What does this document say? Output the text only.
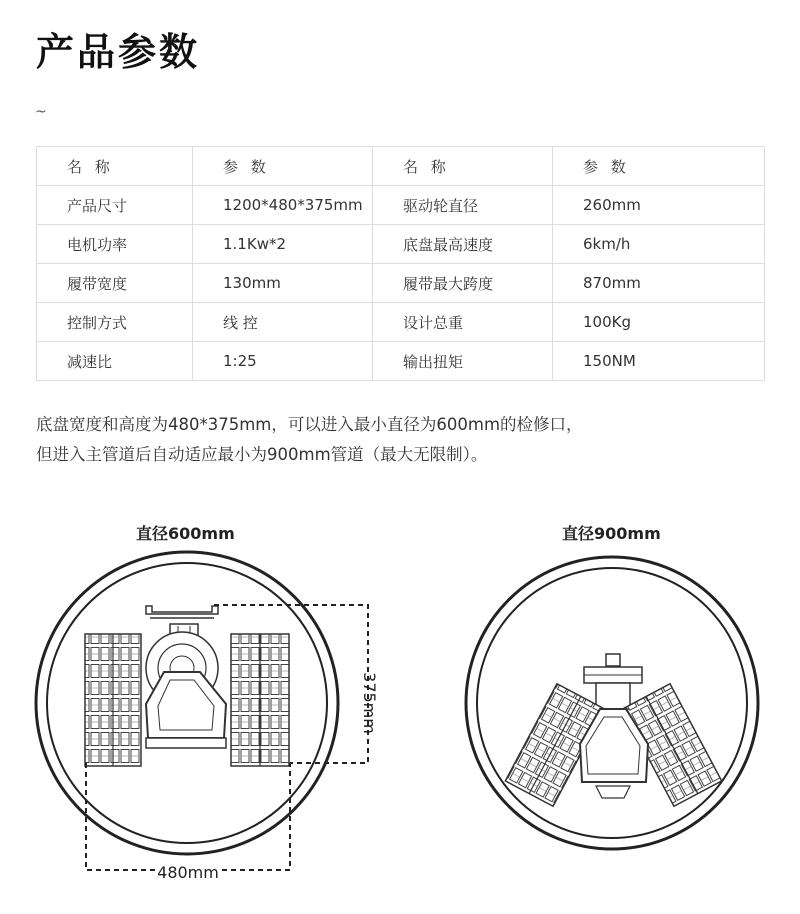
产品参数
~
名 称	参 数	名 称	参 数
产品尺寸	1200*480*375mm	驱动轮直径	260mm
电机功率	1.1Kw*2	底盘最高速度	6km/h
履带宽度	130mm	履带最大跨度	870mm
控制方式	线 控	设计总重	100Kg
减速比	1:25	输出扭矩	150NM

底盘宽度和高度为480*375mm，可以进入最小直径为600mm的检修口，

但进入主管道后自动适应最小为900mm管道（最大无限制）。

直径600mm	直径900mm
375mm
480mm
